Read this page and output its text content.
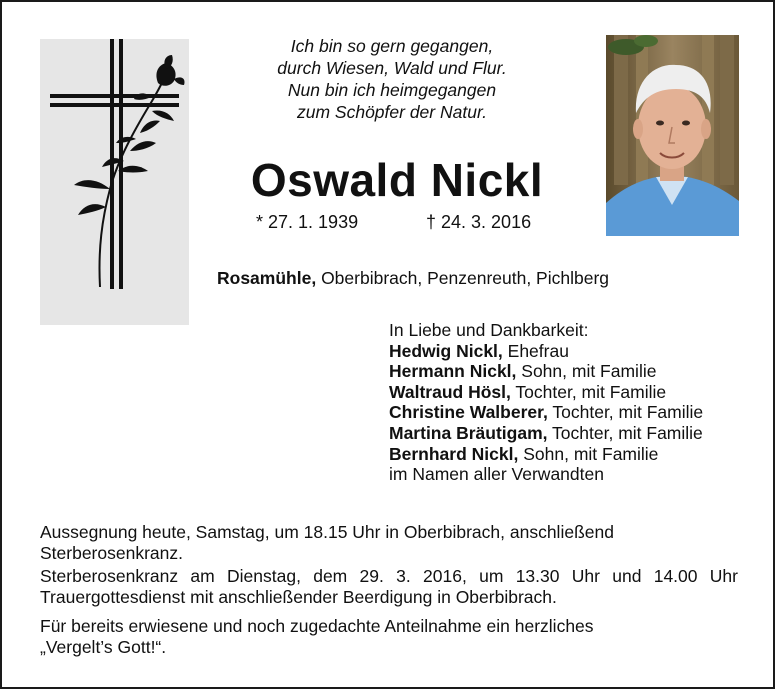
Ich bin so gern gegangen,
durch Wiesen, Wald und Flur.
Nun bin ich heimgegangen
zum Schöpfer der Natur.
Oswald Nickl
* 27. 1. 1939	† 24. 3. 2016
Rosamühle, Oberbibrach, Penzenreuth, Pichlberg
In Liebe und Dankbarkeit:
Hedwig Nickl, Ehefrau
Hermann Nickl, Sohn, mit Familie
Waltraud Hösl, Tochter, mit Familie
Christine Walberer, Tochter, mit Familie
Martina Bräutigam, Tochter, mit Familie
Bernhard Nickl, Sohn, mit Familie
im Namen aller Verwandten
Aussegnung heute, Samstag, um 18.15 Uhr in Oberbibrach, anschließend
Sterberosenkranz.
Sterberosenkranz am Dienstag, dem 29. 3. 2016, um 13.30 Uhr und 14.00 Uhr
Trauergottesdienst mit anschließender Beerdigung in Oberbibrach.
Für bereits erwiesene und noch zugedachte Anteilnahme ein herzliches
„Vergelt’s Gott!“.
